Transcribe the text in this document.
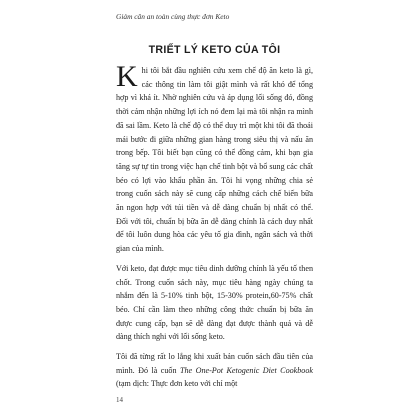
Giảm cân an toàn cùng thực đơn Keto
TRIẾT LÝ KETO CỦA TÔI

Khi tôi bắt đầu nghiên cứu xem chế độ ăn keto là gì, các thông tin làm tôi giật mình và rất khó để tổng hợp vì khá ít. Nhờ nghiên cứu và áp dụng lối sống đó, đồng thời cảm nhận những lợi ích nó đem lại mà tôi nhận ra mình đã sai lầm. Keto là chế độ có thể duy trì một khi tôi đã thoải mái bước đi giữa những gian hàng trong siêu thị và nấu ăn trong bếp. Tôi biết bạn cũng có thể đồng cảm, khi bạn gia tăng sự tự tin trong việc hạn chế tinh bột và bổ sung các chất béo có lợi vào khẩu phần ăn. Tôi hi vọng những chia sẻ trong cuốn sách này sẽ cung cấp những cách chế biến bữa ăn ngon hợp với túi tiền và dễ dàng chuẩn bị nhất có thể. Đối với tôi, chuẩn bị bữa ăn dễ dàng chính là cách duy nhất để tôi luôn dung hòa các yêu tố gia đình, ngân sách và thời gian của mình.

Với keto, đạt được mục tiêu dinh dưỡng chính là yếu tố then chốt. Trong cuốn sách này, mục tiêu hàng ngày chúng ta nhắm đến là 5-10% tinh bột, 15-30% protein,60-75% chất béo. Chỉ cần làm theo những công thức chuẩn bị bữa ăn được cung cấp, bạn sẽ dễ dàng đạt được thành quả và dễ dàng thích nghi với lối sống keto.

Tôi đã từng rất lo lắng khi xuất bản cuốn sách đầu tiên của mình. Đó là cuốn The One-Pot Ketogenic Diet Cookbook (tạm dịch: Thực đơn keto với chỉ một

14
